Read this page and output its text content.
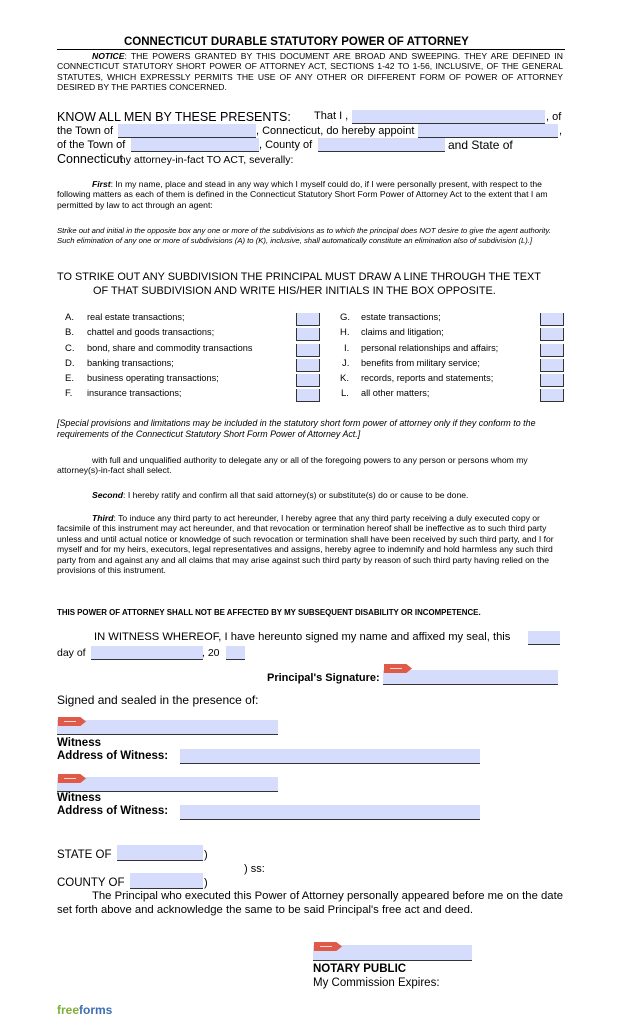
CONNECTICUT DURABLE STATUTORY POWER OF ATTORNEY
NOTICE: THE POWERS GRANTED BY THIS DOCUMENT ARE BROAD AND SWEEPING. THEY ARE DEFINED IN CONNECTICUT STATUTORY SHORT POWER OF ATTORNEY ACT, SECTIONS 1-42 TO 1-56, INCLUSIVE, OF THE GENERAL STATUTES, WHICH EXPRESSLY PERMITS THE USE OF ANY OTHER OR DIFFERENT FORM OF POWER OF ATTORNEY DESIRED BY THE PARTIES CONCERNED.
KNOW ALL MEN BY THESE PRESENTS: That I ,	, of
the Town of	, Connecticut, do hereby appoint	,
of the Town of	, County of	and State of
Connecticut
my attorney-in-fact TO ACT, severally:
First: In my name, place and stead in any way which I myself could do, if I were personally present, with respect to the following matters as each of them is defined in the Connecticut Statutory Short Form Power of Attorney Act to the extent that I am permitted by law to act through an agent:
Strike out and initial in the opposite box any one or more of the subdivisions as to which the principal does NOT desire to give the agent authority. Such elimination of any one or more of subdivisions (A) to (K), inclusive, shall automatically constitute an elimination also of subdivision (L).]
TO STRIKE OUT ANY SUBDIVISION THE PRINCIPAL MUST DRAW A LINE THROUGH THE TEXT
OF THAT SUBDIVISION AND WRITE HIS/HER INITIALS IN THE BOX OPPOSITE.
A. real estate transactions;
B. chattel and goods transactions;
C. bond, share and commodity transactions
D. banking transactions;
E. business operating transactions;
F. insurance transactions;
G. estate transactions;
H. claims and litigation;
I. personal relationships and affairs;
J. benefits from military service;
K. records, reports and statements;
L. all other matters;
[Special provisions and limitations may be included in the statutory short form power of attorney only if they conform to the requirements of the Connecticut Statutory Short Form Power of Attorney Act.]
with full and unqualified authority to delegate any or all of the foregoing powers to any person or persons whom my attorney(s)-in-fact shall select.
Second: I hereby ratify and confirm all that said attorney(s) or substitute(s) do or cause to be done.
Third: To induce any third party to act hereunder, I hereby agree that any third party receiving a duly executed copy or facsimile of this instrument may act hereunder, and that revocation or termination hereof shall be ineffective as to such third party unless and until actual notice or knowledge of such revocation or termination shall have been received by such third party, and I for myself and for my heirs, executors, legal representatives and assigns, hereby agree to indemnify and hold harmless any such third party from and against any and all claims that may arise against such third party by reason of such third party having relied on the provisions of this instrument.
THIS POWER OF ATTORNEY SHALL NOT BE AFFECTED BY MY SUBSEQUENT DISABILITY OR INCOMPETENCE.
IN WITNESS WHEREOF, I have hereunto signed my name and affixed my seal, this
day of	, 20
Principal's Signature:
Signed and sealed in the presence of:
Witness
Address of Witness:
Witness
Address of Witness:
STATE OF	)
) ss:
COUNTY OF	)
The Principal who executed this Power of Attorney personally appeared before me on the date set forth above and acknowledge the same to be said Principal's free act and deed.
NOTARY PUBLIC
My Commission Expires:
freeforms
